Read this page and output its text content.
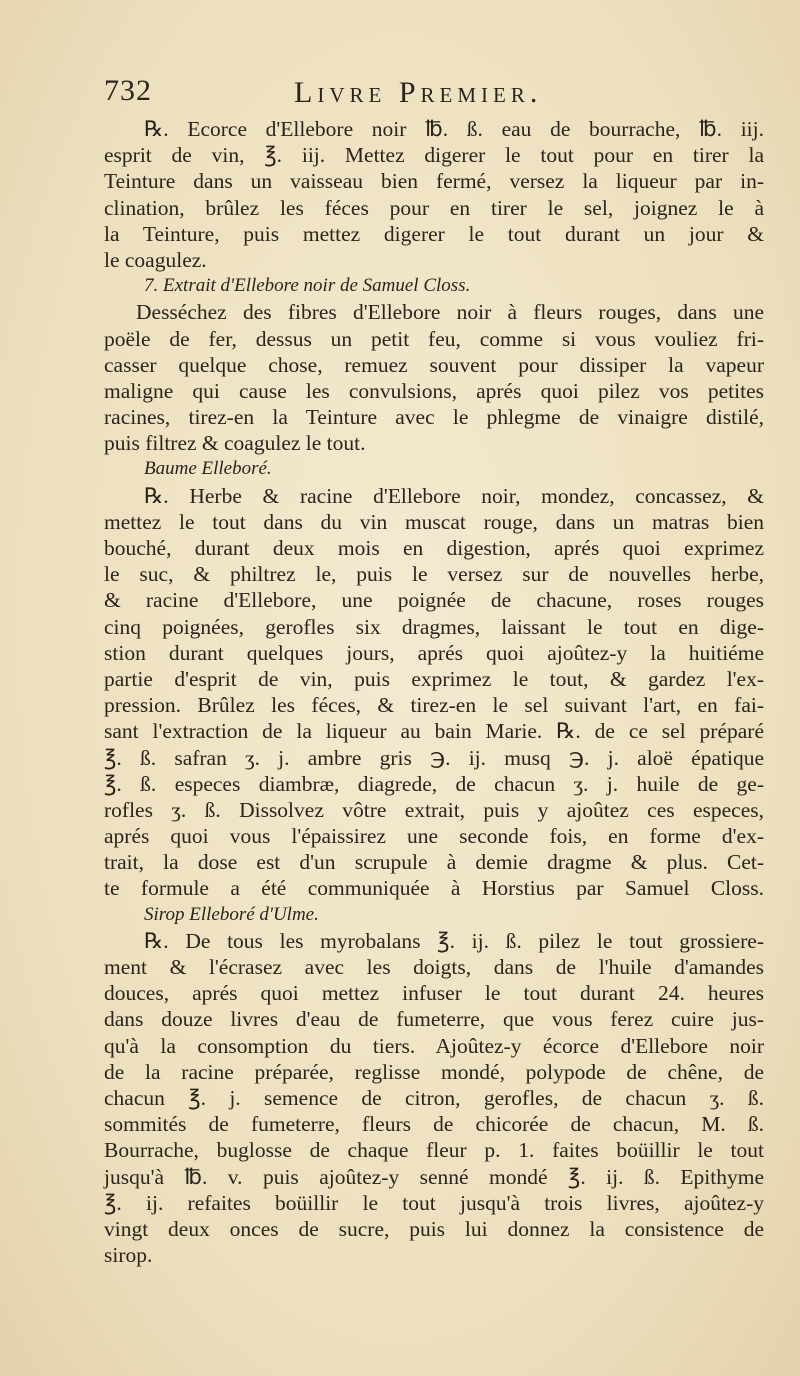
732	Livre Premier.
℞. Ecorce d'Ellebore noir ℔. ß. eau de bourrache, ℔. iij.
esprit de vin, ℥. iij. Mettez digerer le tout pour en tirer la
Teinture dans un vaisseau bien fermé, versez la liqueur par in-
clination, brûlez les féces pour en tirer le sel, joignez le à
la Teinture, puis mettez digerer le tout durant un jour &
le coagulez.
7. Extrait d'Ellebore noir de Samuel Closs.
Desséchez des fibres d'Ellebore noir à fleurs rouges, dans une
poële de fer, dessus un petit feu, comme si vous vouliez fri-
casser quelque chose, remuez souvent pour dissiper la vapeur
maligne qui cause les convulsions, aprés quoi pilez vos petites
racines, tirez-en la Teinture avec le phlegme de vinaigre distilé,
puis filtrez & coagulez le tout.
Baume Elleboré.
℞. Herbe & racine d'Ellebore noir, mondez, concassez, &
mettez le tout dans du vin muscat rouge, dans un matras bien
bouché, durant deux mois en digestion, aprés quoi exprimez
le suc, & philtrez le, puis le versez sur de nouvelles herbe,
& racine d'Ellebore, une poignée de chacune, roses rouges
cinq poignées, gerofles six dragmes, laissant le tout en dige-
stion durant quelques jours, aprés quoi ajoûtez-y la huitiéme
partie d'esprit de vin, puis exprimez le tout, & gardez l'ex-
pression. Brûlez les féces, & tirez-en le sel suivant l'art, en fai-
sant l'extraction de la liqueur au bain Marie. ℞. de ce sel préparé
℥. ß. safran ʒ. j. ambre gris ℈. ij. musq ℈. j. aloë épatique
℥. ß. especes diambræ, diagrede, de chacun ʒ. j. huile de ge-
rofles ʒ. ß. Dissolvez vôtre extrait, puis y ajoûtez ces especes,
aprés quoi vous l'épaissirez une seconde fois, en forme d'ex-
trait, la dose est d'un scrupule à demie dragme & plus. Cet-
te formule a été communiquée à Horstius par Samuel Closs.
Sirop Elleboré d'Ulme.
℞. De tous les myrobalans ℥. ij. ß. pilez le tout grossiere-
ment & l'écrasez avec les doigts, dans de l'huile d'amandes
douces, aprés quoi mettez infuser le tout durant 24. heures
dans douze livres d'eau de fumeterre, que vous ferez cuire jus-
qu'à la consomption du tiers. Ajoûtez-y écorce d'Ellebore noir
de la racine préparée, reglisse mondé, polypode de chêne, de
chacun ℥. j. semence de citron, gerofles, de chacun ʒ. ß.
sommités de fumeterre, fleurs de chicorée de chacun, M. ß.
Bourrache, buglosse de chaque fleur p. 1. faites boüillir le tout
jusqu'à ℔. v. puis ajoûtez-y senné mondé ℥. ij. ß. Epithyme
℥. ij. refaites boüillir le tout jusqu'à trois livres, ajoûtez-y
vingt deux onces de sucre, puis lui donnez la consistence de
sirop.
